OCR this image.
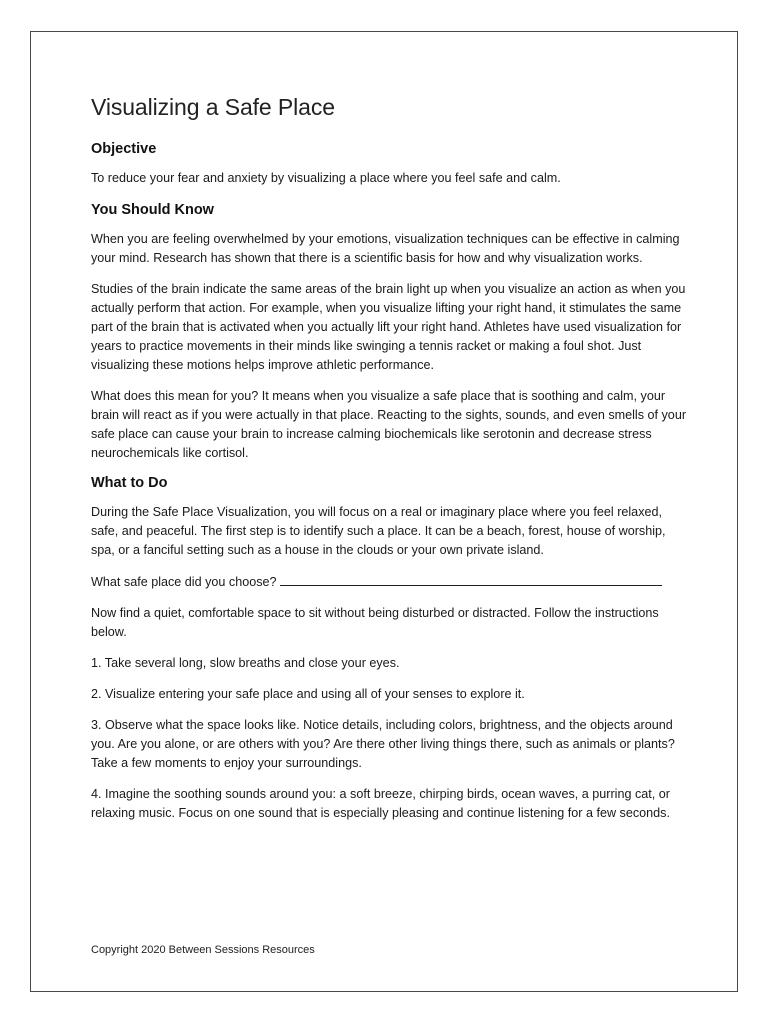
Visualizing a Safe Place
Objective

To reduce your fear and anxiety by visualizing a place where you feel safe and calm.

You Should Know

When you are feeling overwhelmed by your emotions, visualization techniques can be effective in calming your mind. Research has shown that there is a scientific basis for how and why visualization works.

Studies of the brain indicate the same areas of the brain light up when you visualize an action as when you actually perform that action. For example, when you visualize lifting your right hand, it stimulates the same part of the brain that is activated when you actually lift your right hand. Athletes have used visualization for years to practice movements in their minds like swinging a tennis racket or making a foul shot. Just visualizing these motions helps improve athletic performance.

What does this mean for you? It means when you visualize a safe place that is soothing and calm, your brain will react as if you were actually in that place. Reacting to the sights, sounds, and even smells of your safe place can cause your brain to increase calming biochemicals like serotonin and decrease stress neurochemicals like cortisol.

What to Do

During the Safe Place Visualization, you will focus on a real or imaginary place where you feel relaxed, safe, and peaceful. The first step is to identify such a place. It can be a beach, forest, house of worship, spa, or a fanciful setting such as a house in the clouds or your own private island.

What safe place did you choose?

Now find a quiet, comfortable space to sit without being disturbed or distracted. Follow the instructions below.

1. Take several long, slow breaths and close your eyes.

2. Visualize entering your safe place and using all of your senses to explore it.

3. Observe what the space looks like. Notice details, including colors, brightness, and the objects around you. Are you alone, or are others with you? Are there other living things there, such as animals or plants? Take a few moments to enjoy your surroundings.

4. Imagine the soothing sounds around you: a soft breeze, chirping birds, ocean waves, a purring cat, or relaxing music. Focus on one sound that is especially pleasing and continue listening for a few seconds.

Copyright 2020 Between Sessions Resources
